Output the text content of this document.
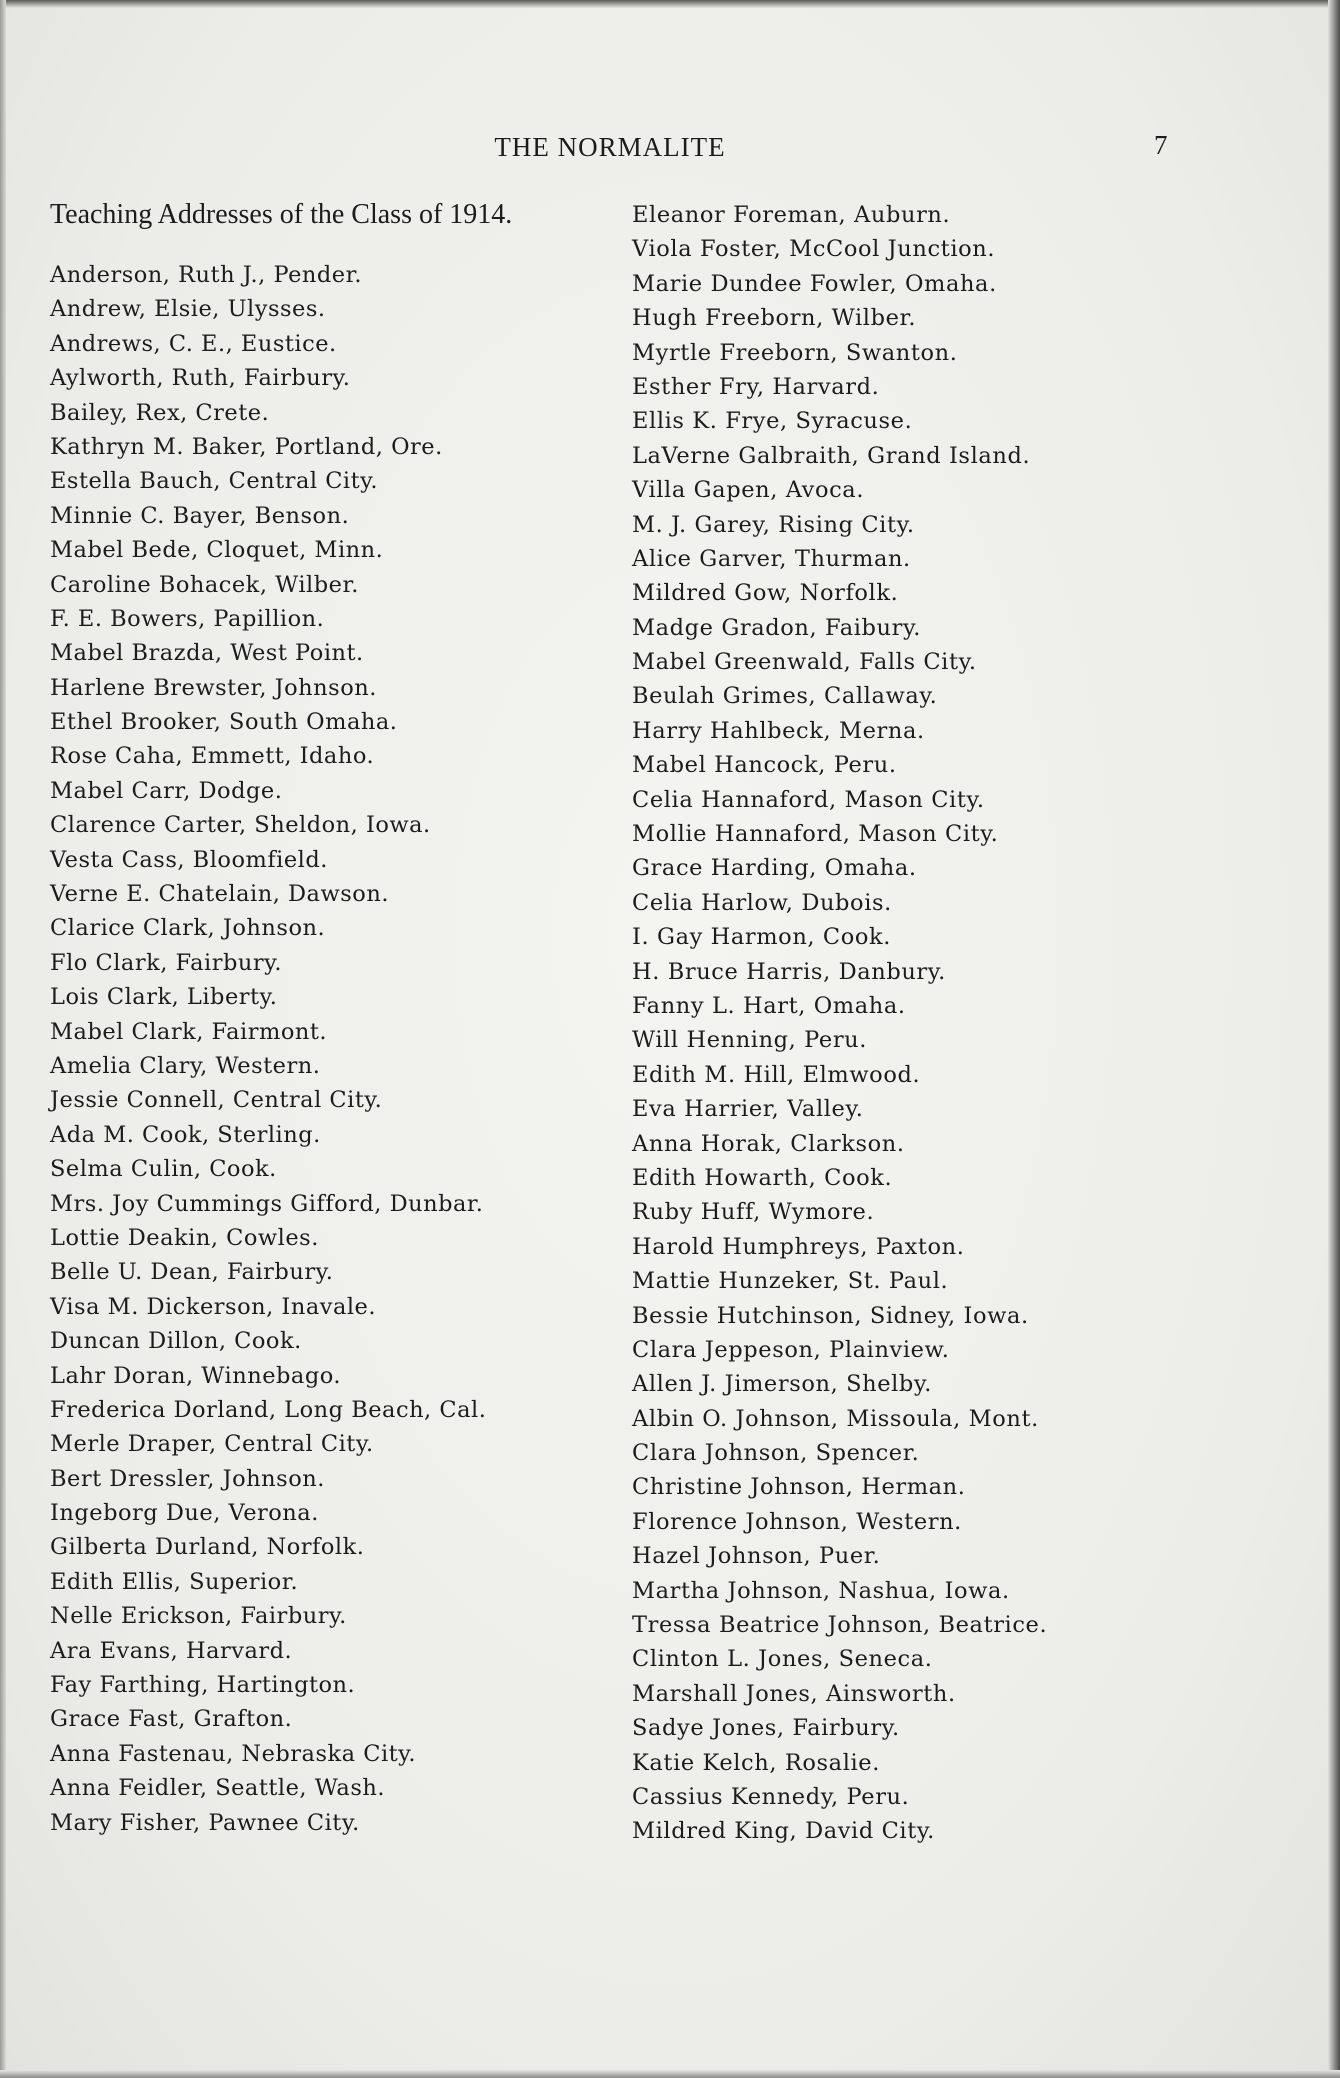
THE NORMALITE	7
Teaching Addresses of the Class of 1914.
Anderson, Ruth J., Pender.
Andrew, Elsie, Ulysses.
Andrews, C. E., Eustice.
Aylworth, Ruth, Fairbury.
Bailey, Rex, Crete.
Kathryn M. Baker, Portland, Ore.
Estella Bauch, Central City.
Minnie C. Bayer, Benson.
Mabel Bede, Cloquet, Minn.
Caroline Bohacek, Wilber.
F. E. Bowers, Papillion.
Mabel Brazda, West Point.
Harlene Brewster, Johnson.
Ethel Brooker, South Omaha.
Rose Caha, Emmett, Idaho.
Mabel Carr, Dodge.
Clarence Carter, Sheldon, Iowa.
Vesta Cass, Bloomfield.
Verne E. Chatelain, Dawson.
Clarice Clark, Johnson.
Flo Clark, Fairbury.
Lois Clark, Liberty.
Mabel Clark, Fairmont.
Amelia Clary, Western.
Jessie Connell, Central City.
Ada M. Cook, Sterling.
Selma Culin, Cook.
Mrs. Joy Cummings Gifford, Dunbar.
Lottie Deakin, Cowles.
Belle U. Dean, Fairbury.
Visa M. Dickerson, Inavale.
Duncan Dillon, Cook.
Lahr Doran, Winnebago.
Frederica Dorland, Long Beach, Cal.
Merle Draper, Central City.
Bert Dressler, Johnson.
Ingeborg Due, Verona.
Gilberta Durland, Norfolk.
Edith Ellis, Superior.
Nelle Erickson, Fairbury.
Ara Evans, Harvard.
Fay Farthing, Hartington.
Grace Fast, Grafton.
Anna Fastenau, Nebraska City.
Anna Feidler, Seattle, Wash.
Mary Fisher, Pawnee City.
Eleanor Foreman, Auburn.
Viola Foster, McCool Junction.
Marie Dundee Fowler, Omaha.
Hugh Freeborn, Wilber.
Myrtle Freeborn, Swanton.
Esther Fry, Harvard.
Ellis K. Frye, Syracuse.
LaVerne Galbraith, Grand Island.
Villa Gapen, Avoca.
M. J. Garey, Rising City.
Alice Garver, Thurman.
Mildred Gow, Norfolk.
Madge Gradon, Faibury.
Mabel Greenwald, Falls City.
Beulah Grimes, Callaway.
Harry Hahlbeck, Merna.
Mabel Hancock, Peru.
Celia Hannaford, Mason City.
Mollie Hannaford, Mason City.
Grace Harding, Omaha.
Celia Harlow, Dubois.
I. Gay Harmon, Cook.
H. Bruce Harris, Danbury.
Fanny L. Hart, Omaha.
Will Henning, Peru.
Edith M. Hill, Elmwood.
Eva Harrier, Valley.
Anna Horak, Clarkson.
Edith Howarth, Cook.
Ruby Huff, Wymore.
Harold Humphreys, Paxton.
Mattie Hunzeker, St. Paul.
Bessie Hutchinson, Sidney, Iowa.
Clara Jeppeson, Plainview.
Allen J. Jimerson, Shelby.
Albin O. Johnson, Missoula, Mont.
Clara Johnson, Spencer.
Christine Johnson, Herman.
Florence Johnson, Western.
Hazel Johnson, Puer.
Martha Johnson, Nashua, Iowa.
Tressa Beatrice Johnson, Beatrice.
Clinton L. Jones, Seneca.
Marshall Jones, Ainsworth.
Sadye Jones, Fairbury.
Katie Kelch, Rosalie.
Cassius Kennedy, Peru.
Mildred King, David City.
